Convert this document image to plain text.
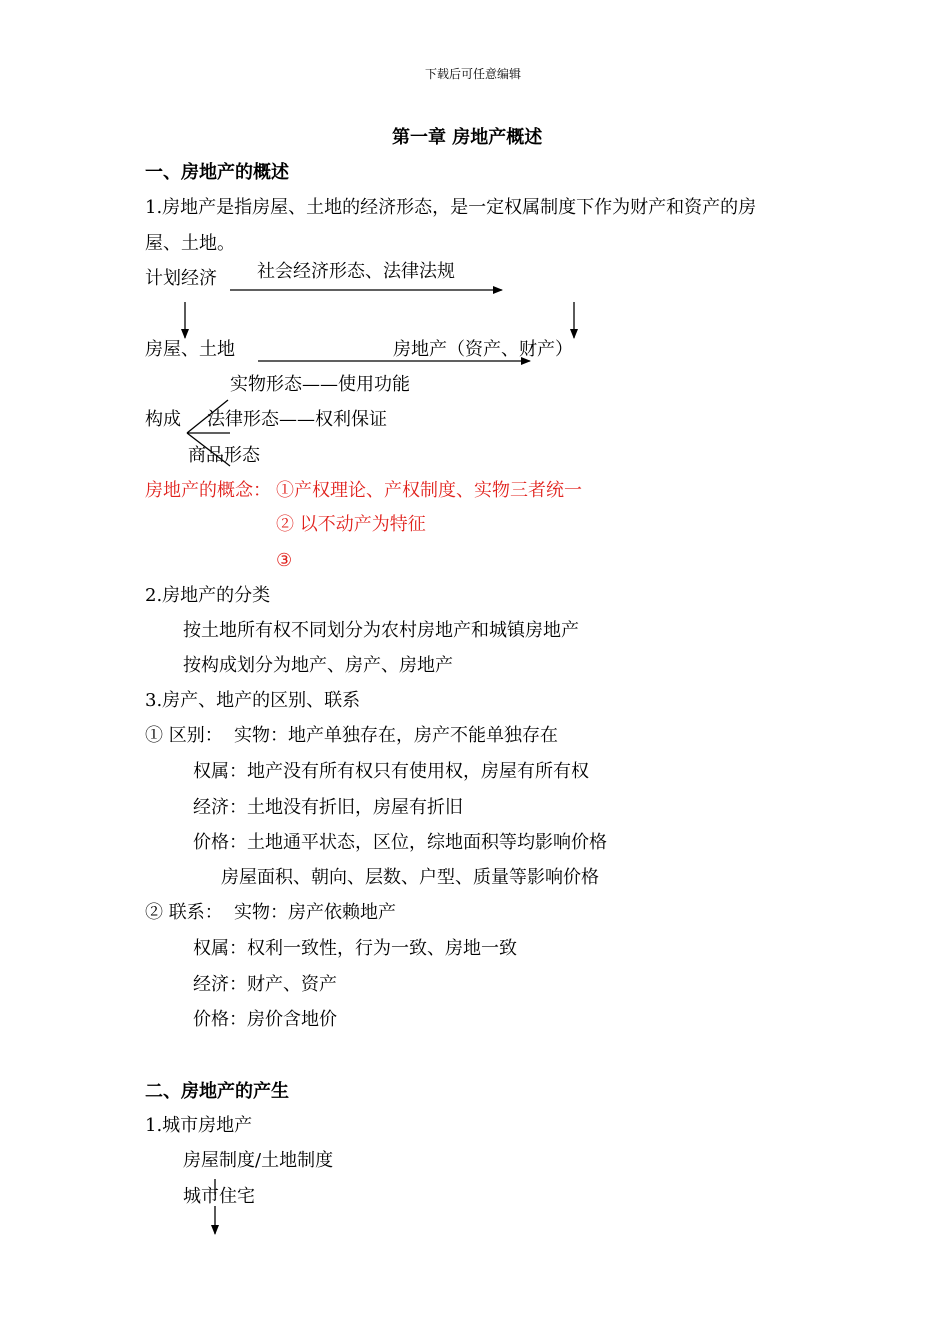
下载后可任意编辑
第一章 房地产概述
一、房地产的概述
1.房地产是指房屋、土地的经济形态，是一定权属制度下作为财产和资产的房
屋、土地。
计划经济 社会经济形态、法律法规
房屋、土地	房地产（资产、财产）
实物形态——使用功能
构成 法律形态——权利保证
商品形态
房地产的概念： ①产权理论、产权制度、实物三者统一
② 以不动产为特征
③
2.房地产的分类
按土地所有权不同划分为农村房地产和城镇房地产
按构成划分为地产、房产、房地产
3.房产、地产的区别、联系
① 区别： 实物：地产单独存在，房产不能单独存在
权属：地产没有所有权只有使用权，房屋有所有权
经济：土地没有折旧，房屋有折旧
价格：土地通平状态，区位，综地面积等均影响价格
房屋面积、朝向、层数、户型、质量等影响价格
② 联系： 实物：房产依赖地产
权属：权利一致性，行为一致、房地一致
经济：财产、资产
价格：房价含地价
二、房地产的产生
1.城市房地产
房屋制度/土地制度
城市住宅
